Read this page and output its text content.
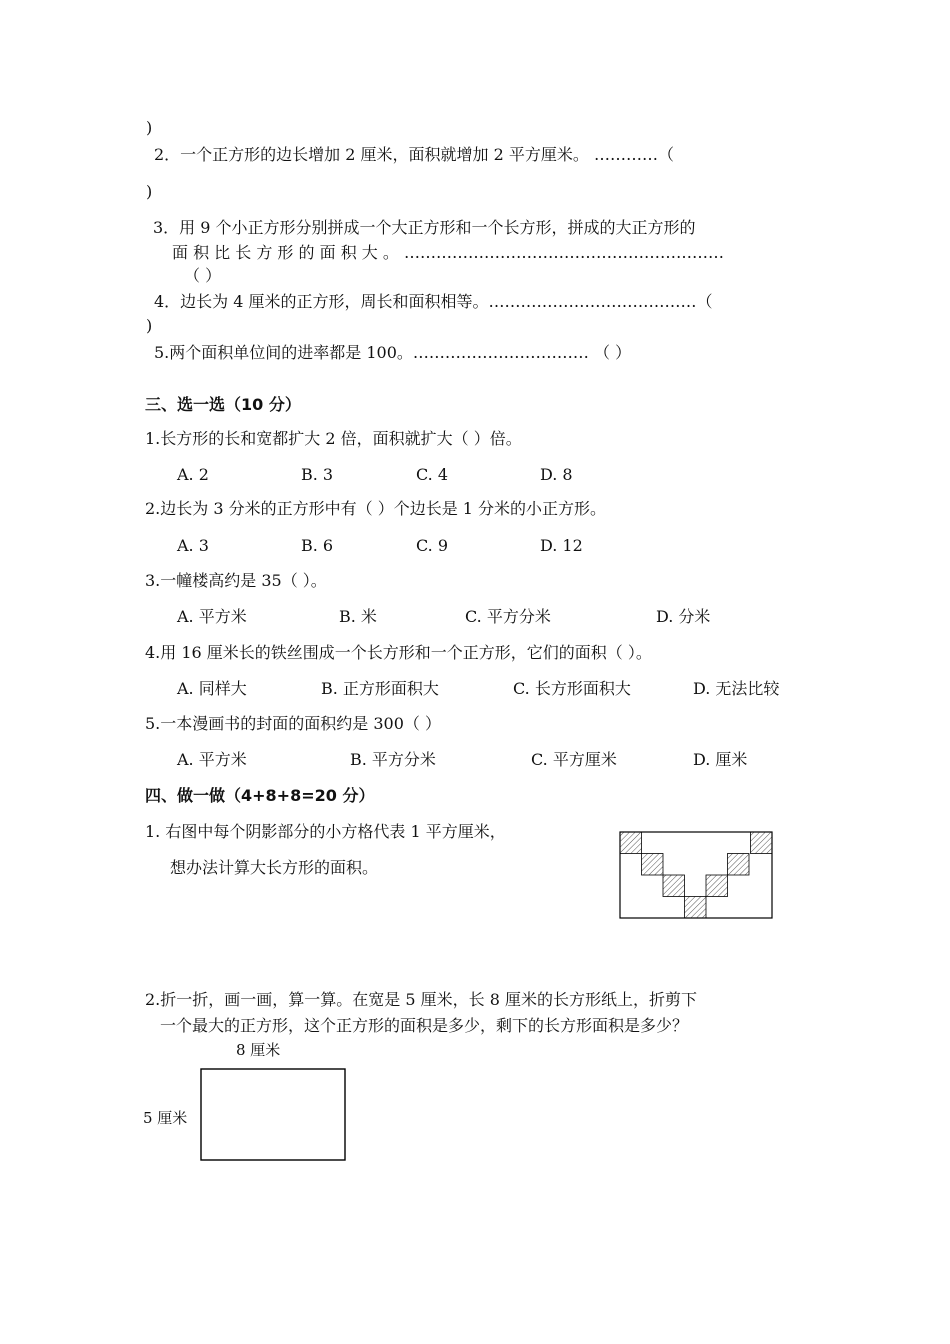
)
2．一个正方形的边长增加 2 厘米，面积就增加 2 平方厘米。 …………（
)
3．用 9 个小正方形分别拼成一个大正方形和一个长方形，拼成的大正方形的
面 积 比 长 方 形 的 面 积 大 。 ……………………………………………………
（ ）
4．边长为 4 厘米的正方形，周长和面积相等。…………………………………（
)
5.两个面积单位间的进率都是 100。…………………………… （ ）
三、选一选（10 分）
1.长方形的长和宽都扩大 2 倍，面积就扩大（ ）倍。
A. 2	B. 3	C. 4	D. 8
2.边长为 3 分米的正方形中有（ ）个边长是 1 分米的小正方形。
A. 3	B. 6	C. 9	D. 12
3.一幢楼高约是 35（ ）。
A. 平方米	B. 米	C. 平方分米	D. 分米
4.用 16 厘米长的铁丝围成一个长方形和一个正方形，它们的面积（ ）。
A. 同样大	B. 正方形面积大	C. 长方形面积大	D. 无法比较
5.一本漫画书的封面的面积约是 300（ ）
A. 平方米	B. 平方分米	C. 平方厘米	D. 厘米
四、做一做（4+8+8=20 分）
1. 右图中每个阴影部分的小方格代表 1 平方厘米，
想办法计算大长方形的面积。
2.折一折，画一画，算一算。在宽是 5 厘米，长 8 厘米的长方形纸上，折剪下
一个最大的正方形，这个正方形的面积是多少，剩下的长方形面积是多少？
8 厘米
5 厘米
